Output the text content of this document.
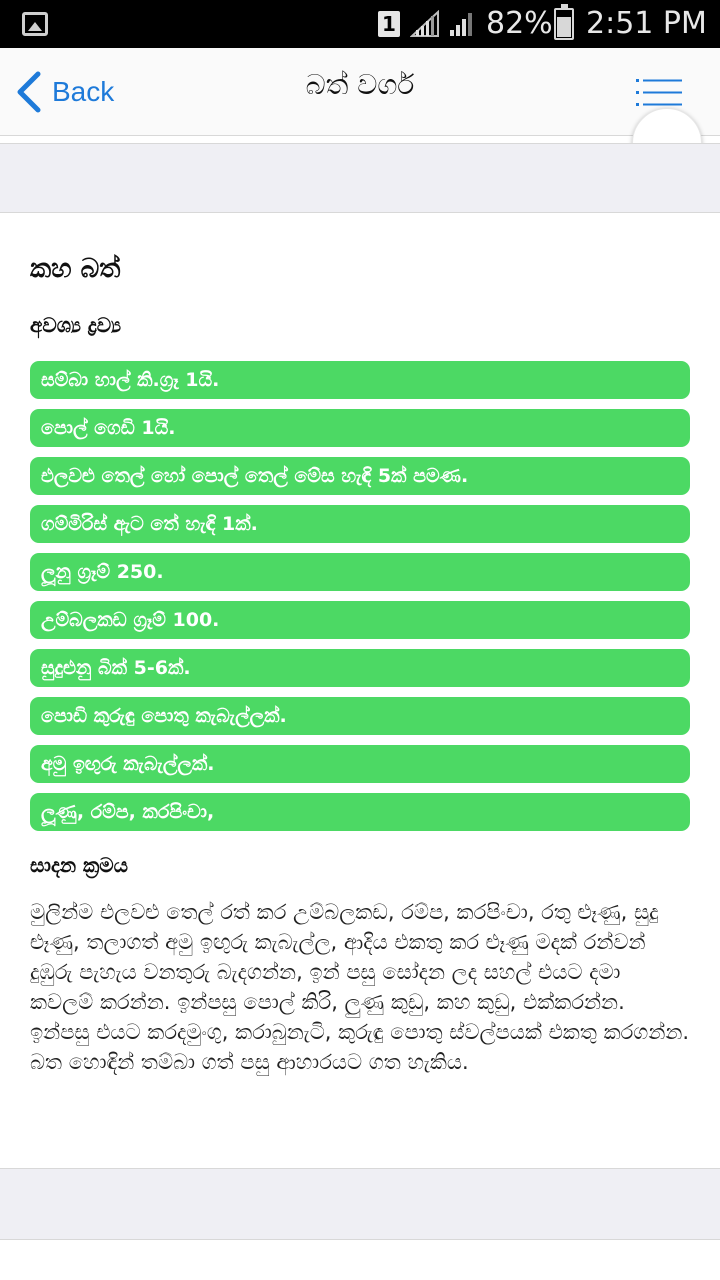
1	82% 2:51 PM
Back	බත් වර්ග
කහ බත්
අවශ්‍ය ද්‍රව්‍ය
සම්බා හාල් කි.ග්‍රෑ 1යි.
පොල් ගෙඩි 1යි.
එලවළු තෙල් හෝ පොල් තෙල් මේස හැඳි 5ක් පමණ.
ගම්මිරිස් ඇට තේ හැඳි 1ක්.
ලූනු ග්‍රෑම් 250.
උම්බලකඩ ග්‍රෑම් 100.
සුදුළුනු බික් 5-6ක්.
පොඩි කුරුඳු පොතු කැබැල්ලක්.
අමු ඉඟුරු කැබැල්ලක්.
ලූණු, රම්ප, කරපිංචා,
සාදන ක්‍රමය

මුලින්ම එලවළු තෙල් රත් කර උම්බලකඩ, රම්ප, කරපිංචා, රතු ළූණු, සුදු ළූණු, තලාගත් අමු ඉඟුරු කැබැල්ල, ආදිය එකතු කර ළූණු මදක් රන්වන් දුඹුරු පැහැය වනතුරු බැදගන්න, ඉන් පසු සෝදන ලද සහල් එයට දමා කවලම් කරන්න. ඉන්පසු පොල් කිරි, ලුණු කුඩු, කහ කුඩු, එක්කරන්න. ඉන්පසු එයට කරදමුංගු, කරාබුනැටි, කුරුඳු පොතු ස්වල්පයක් එකතු කරගන්න. බත හොඳින් තම්බා ගත් පසු ආහාරයට ගත හැකිය.
